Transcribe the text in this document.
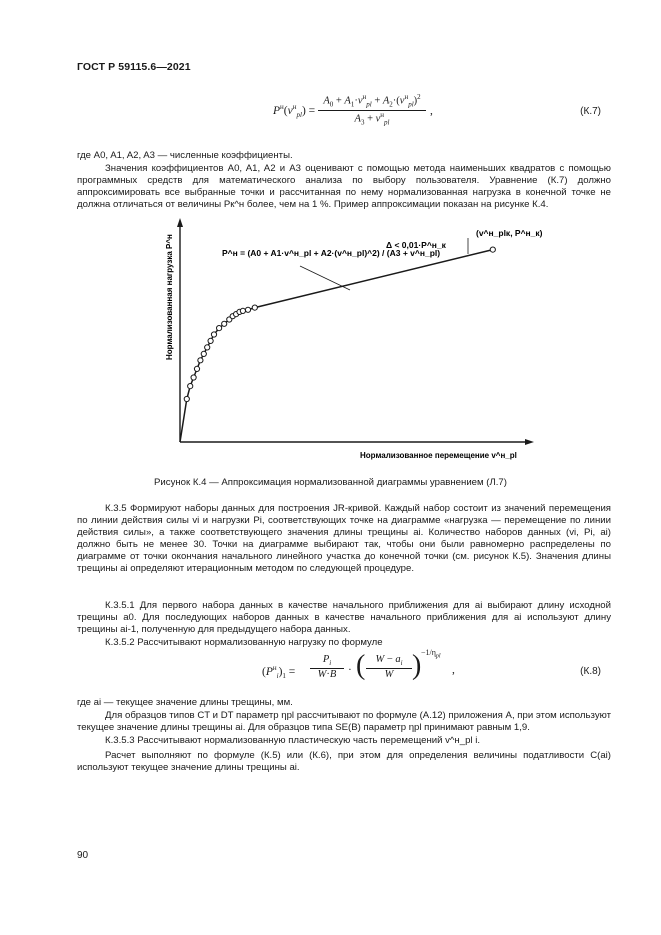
ГОСТ Р 59115.6—2021
$P^н(v^н_{pl})$ =
$A_0 + A_1\cdot v^н_{pl} + A_2\cdot(v^н_{pl})^2$
$A_3 + v^н_{pl}$
,	(К.7)
где A0, A1, A2, A3 — численные коэффициенты.
Значения коэффициентов A0, A1, A2 и A3 оценивают с помощью метода наименьших квадратов с помощью программных средств для математического анализа по выбору пользователя. Уравнение (К.7) должно аппроксимировать все выбранные точки и рассчитанная по нему нормализованная нагрузка в конечной точке не должна отличаться от величины Pк^н более, чем на 1 %. Пример аппроксимации показан на рисунке К.4.
Нормализованная нагрузка P^н
Нормализованное перемещение v^н_pl
P^н = (A0 + A1·v^н_pl + A2·(v^н_pl)^2) / (A3 + v^н_pl)
Δ < 0,01·P^н_к
(v^н_plк, P^н_к)
Рисунок К.4 — Аппроксимация нормализованной диаграммы уравнением (Л.7)
К.3.5 Формируют наборы данных для построения JR-кривой. Каждый набор состоит из значений перемещения по линии действия силы vi и нагрузки Pi, соответствующих точке на диаграмме «нагрузка — перемещение по линии действия силы», а также соответствующего значения длины трещины ai. Количество наборов данных (vi, Pi, ai) должно быть не менее 30. Точки на диаграмме выбирают так, чтобы они были равномерно распределены по диаграмме от точки окончания начального линейного участка до конечной точки (см. рисунок К.5). Значения длины трещины ai определяют итерационным методом по следующей процедуре.
К.3.5.1 Для первого набора данных в качестве начального приближения для ai выбирают длину исходной трещины a0. Для последующих наборов данных в качестве начального приближения для ai используют длину трещины ai-1, полученную для предыдущего набора данных.
К.3.5.2 Рассчитывают нормализованную нагрузку по формуле
$(P^н_i)_1$ =
$P_i$
W·B	· ( $W - a_i$
W ) $-1/\eta_{pl}$
,	(К.8)
где ai — текущее значение длины трещины, мм.
Для образцов типов CT и DT параметр ηpl рассчитывают по формуле (А.12) приложения А, при этом используют текущее значение длины трещины ai. Для образцов типа SE(B) параметр ηpl принимают равным 1,9.
К.3.5.3 Рассчитывают нормализованную пластическую часть перемещений v^н_pl i.
Расчет выполняют по формуле (К.5) или (К.6), при этом для определения величины податливости C(ai) используют текущее значение длины трещины ai.
90
